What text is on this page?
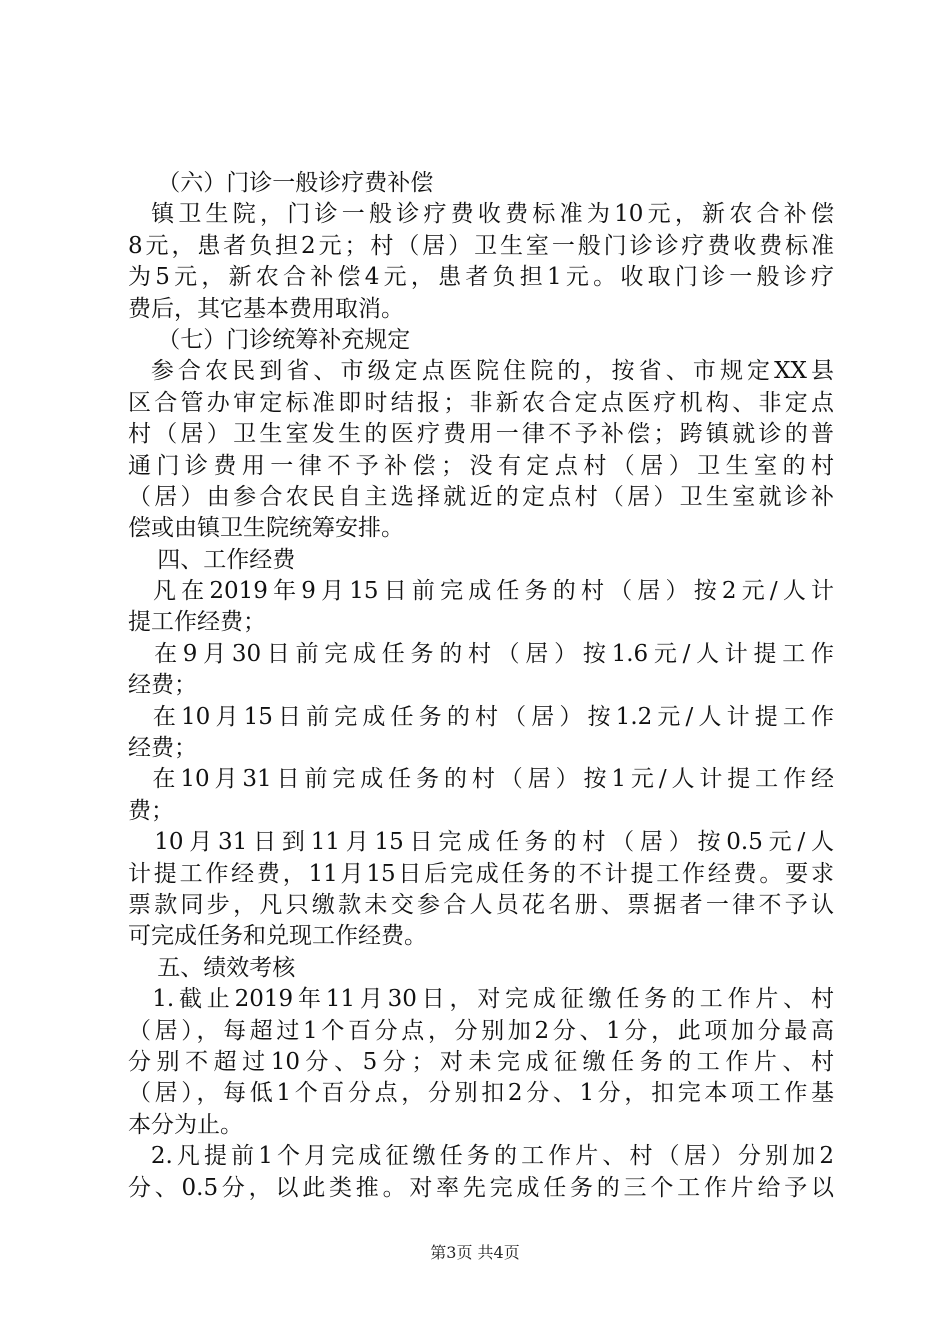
（六）门诊一般诊疗费补偿
镇卫生院，门诊一般诊疗费收费标准为10元，新农合补偿
8元，患者负担2元；村（居）卫生室一般门诊诊疗费收费标准
为5元，新农合补偿4元，患者负担1元。收取门诊一般诊疗
费后，其它基本费用取消。
（七）门诊统筹补充规定
参合农民到省、市级定点医院住院的，按省、市规定XX县
区合管办审定标准即时结报；非新农合定点医疗机构、非定点
村（居）卫生室发生的医疗费用一律不予补偿；跨镇就诊的普
通门诊费用一律不予补偿；没有定点村（居）卫生室的村
（居）由参合农民自主选择就近的定点村（居）卫生室就诊补
偿或由镇卫生院统筹安排。
四、工作经费
凡在2019年9月15日前完成任务的村（居）按2元/人计
提工作经费；
在9月30日前完成任务的村（居）按1.6元/人计提工作
经费；
在10月15日前完成任务的村（居）按1.2元/人计提工作
经费；
在10月31日前完成任务的村（居）按1元/人计提工作经
费；
10月31日到11月15日完成任务的村（居）按0.5元/人
计提工作经费，11月15日后完成任务的不计提工作经费。要求
票款同步，凡只缴款未交参合人员花名册、票据者一律不予认
可完成任务和兑现工作经费。
五、绩效考核
1.截止2019年11月30日，对完成征缴任务的工作片、村
（居），每超过1个百分点，分别加2分、1分，此项加分最高
分别不超过10分、5分；对未完成征缴任务的工作片、村
（居），每低1个百分点，分别扣2分、1分，扣完本项工作基
本分为止。
2.凡提前1个月完成征缴任务的工作片、村（居）分别加2
分、0.5分，以此类推。对率先完成任务的三个工作片给予以
第3页 共4页
